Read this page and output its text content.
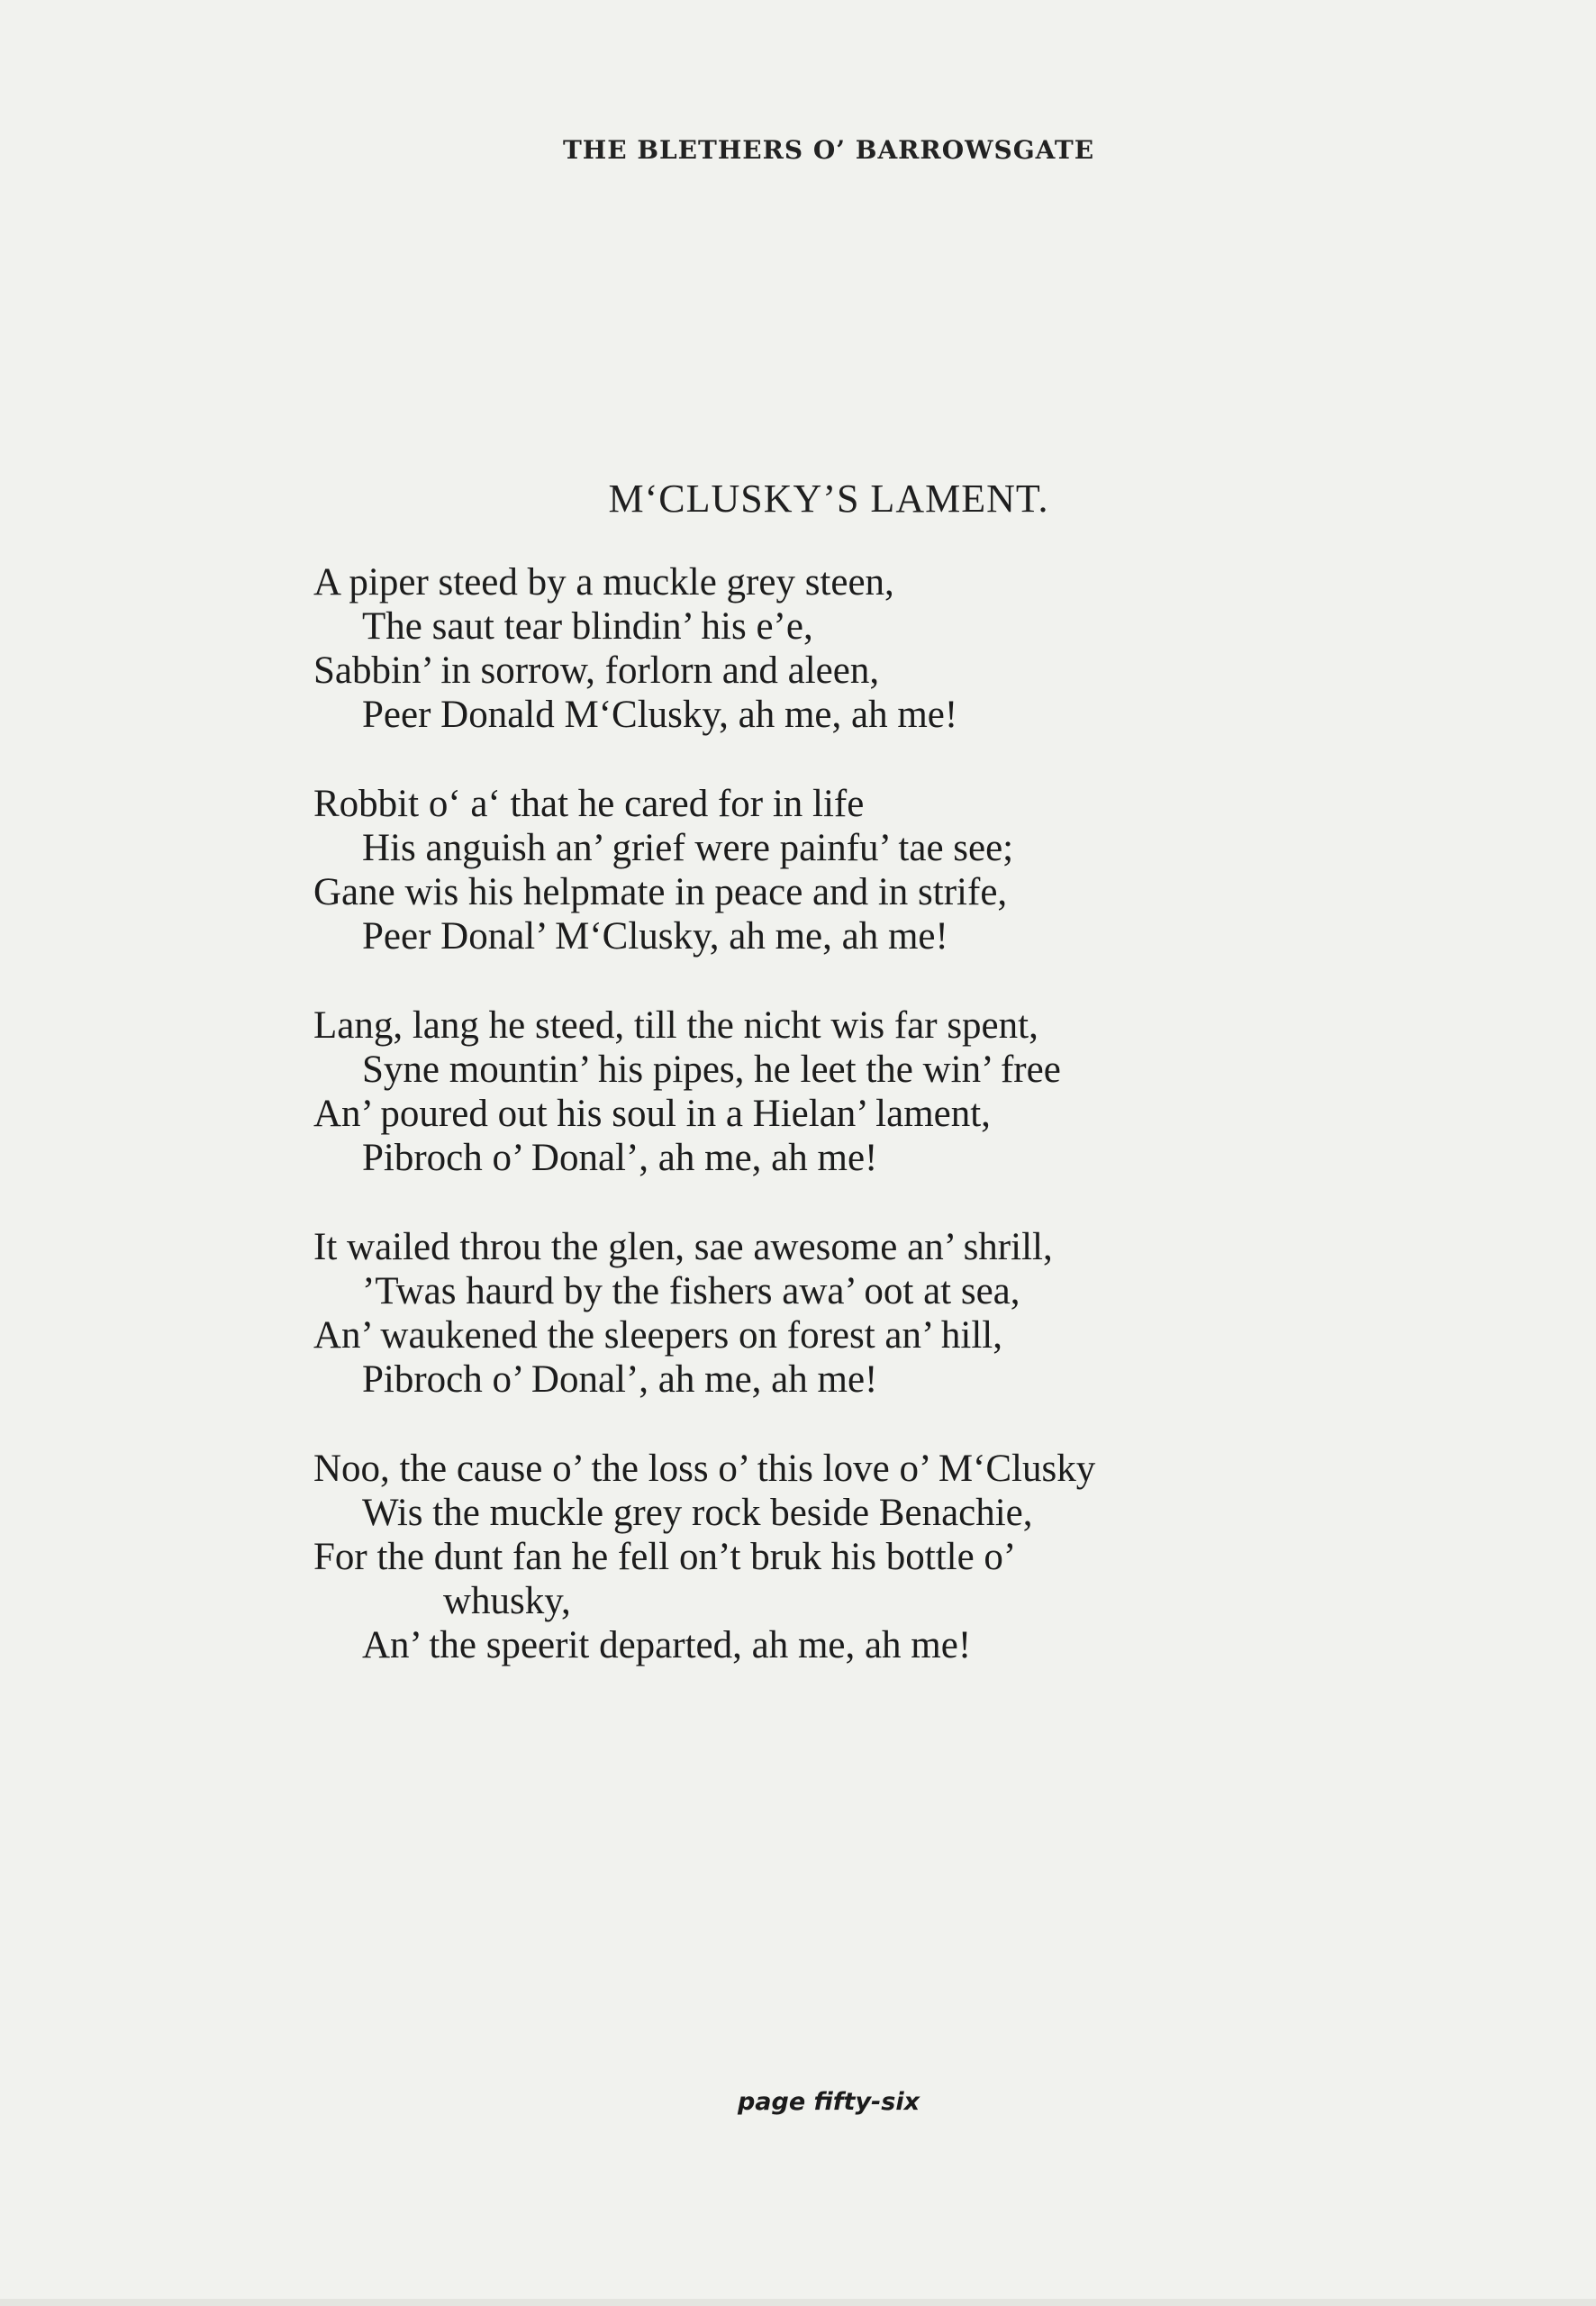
THE BLETHERS O’ BARROWSGATE
M‘CLUSKY’S LAMENT.
A piper steed by a muckle grey steen,
The saut tear blindin’ his e’e,
Sabbin’ in sorrow, forlorn and aleen,
Peer Donald M‘Clusky, ah me, ah me!
Robbit o‘ a‘ that he cared for in life
His anguish an’ grief were painfu’ tae see;
Gane wis his helpmate in peace and in strife,
Peer Donal’ M‘Clusky, ah me, ah me!
Lang, lang he steed, till the nicht wis far spent,
Syne mountin’ his pipes, he leet the win’ free
An’ poured out his soul in a Hielan’ lament,
Pibroch o’ Donal’, ah me, ah me!
It wailed throu the glen, sae awesome an’ shrill,
’Twas haurd by the fishers awa’ oot at sea,
An’ waukened the sleepers on forest an’ hill,
Pibroch o’ Donal’, ah me, ah me!
Noo, the cause o’ the loss o’ this love o’ M‘Clusky
Wis the muckle grey rock beside Benachie,
For the dunt fan he fell on’t bruk his bottle o’
whusky,
An’ the speerit departed, ah me, ah me!
page fifty-six
